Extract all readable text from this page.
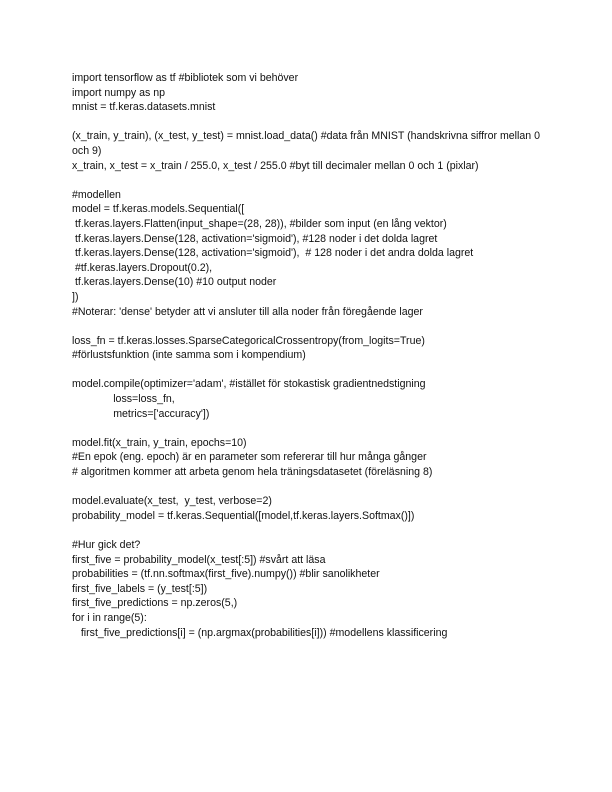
import tensorflow as tf #bibliotek som vi behöver
import numpy as np
mnist = tf.keras.datasets.mnist
(x_train, y_train), (x_test, y_test) = mnist.load_data() #data från MNIST (handskrivna siffror mellan 0 och 9)
x_train, x_test = x_train / 255.0, x_test / 255.0 #byt till decimaler mellan 0 och 1 (pixlar)
#modellen
model = tf.keras.models.Sequential([
tf.keras.layers.Flatten(input_shape=(28, 28)), #bilder som input (en lång vektor)
tf.keras.layers.Dense(128, activation='sigmoid'), #128 noder i det dolda lagret
tf.keras.layers.Dense(128, activation='sigmoid'),  # 128 noder i det andra dolda lagret
#tf.keras.layers.Dropout(0.2),
tf.keras.layers.Dense(10) #10 output noder
])
#Noterar: 'dense' betyder att vi ansluter till alla noder från föregående lager
loss_fn = tf.keras.losses.SparseCategoricalCrossentropy(from_logits=True)
#förlustsfunktion (inte samma som i kompendium)
model.compile(optimizer='adam', #istället för stokastisk gradientnedstigning
loss=loss_fn,
metrics=['accuracy'])
model.fit(x_train, y_train, epochs=10)
#En epok (eng. epoch) är en parameter som refererar till hur många gånger
# algoritmen kommer att arbeta genom hela träningsdatasetet (föreläsning 8)
model.evaluate(x_test,  y_test, verbose=2)
probability_model = tf.keras.Sequential([model,tf.keras.layers.Softmax()])
#Hur gick det?
first_five = probability_model(x_test[:5]) #svårt att läsa
probabilities = (tf.nn.softmax(first_five).numpy()) #blir sanolikheter
first_five_labels = (y_test[:5])
first_five_predictions = np.zeros(5,)
for i in range(5):
first_five_predictions[i] = (np.argmax(probabilities[i])) #modellens klassificering
